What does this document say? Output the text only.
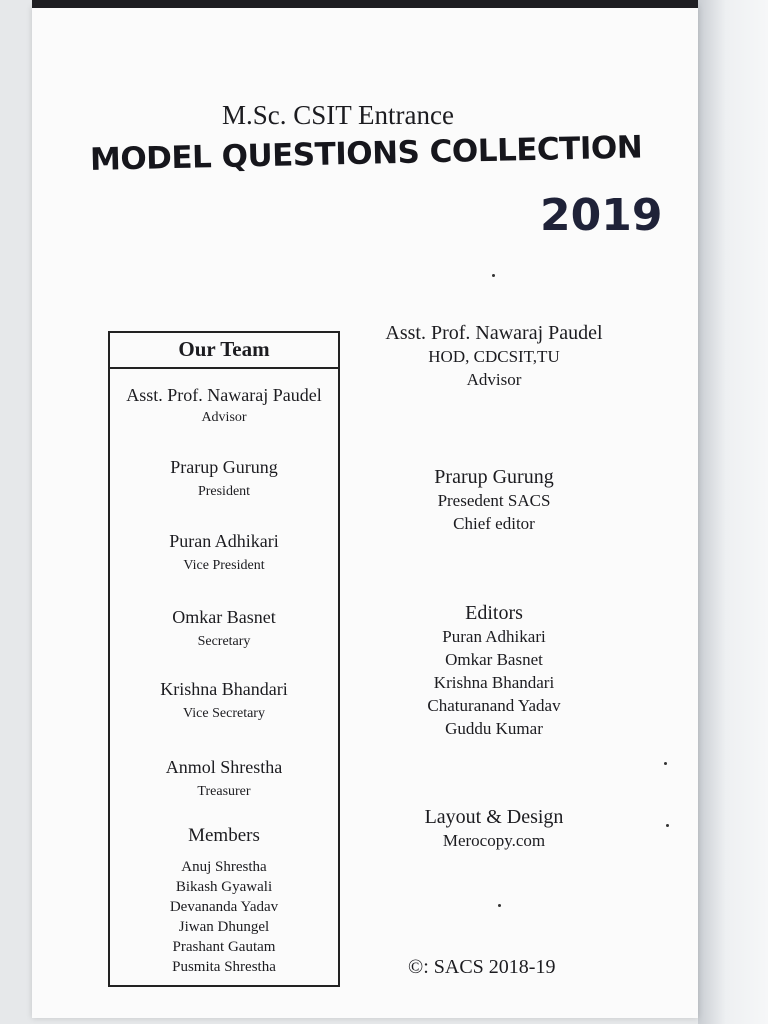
M.Sc. CSIT Entrance
MODEL QUESTIONS COLLECTION
2019
Our Team
Asst. Prof. Nawaraj Paudel
Advisor
Prarup Gurung
President
Puran Adhikari
Vice President
Omkar Basnet
Secretary
Krishna Bhandari
Vice Secretary
Anmol Shrestha
Treasurer
Members
Anuj Shrestha
Bikash Gyawali
Devananda Yadav
Jiwan Dhungel
Prashant Gautam
Pusmita Shrestha
Asst. Prof. Nawaraj Paudel
HOD, CDCSIT,TU
Advisor
Prarup Gurung
Presedent SACS
Chief editor
Editors
Puran Adhikari
Omkar Basnet
Krishna Bhandari
Chaturanand Yadav
Guddu Kumar
Layout & Design
Merocopy.com
©: SACS 2018-19
